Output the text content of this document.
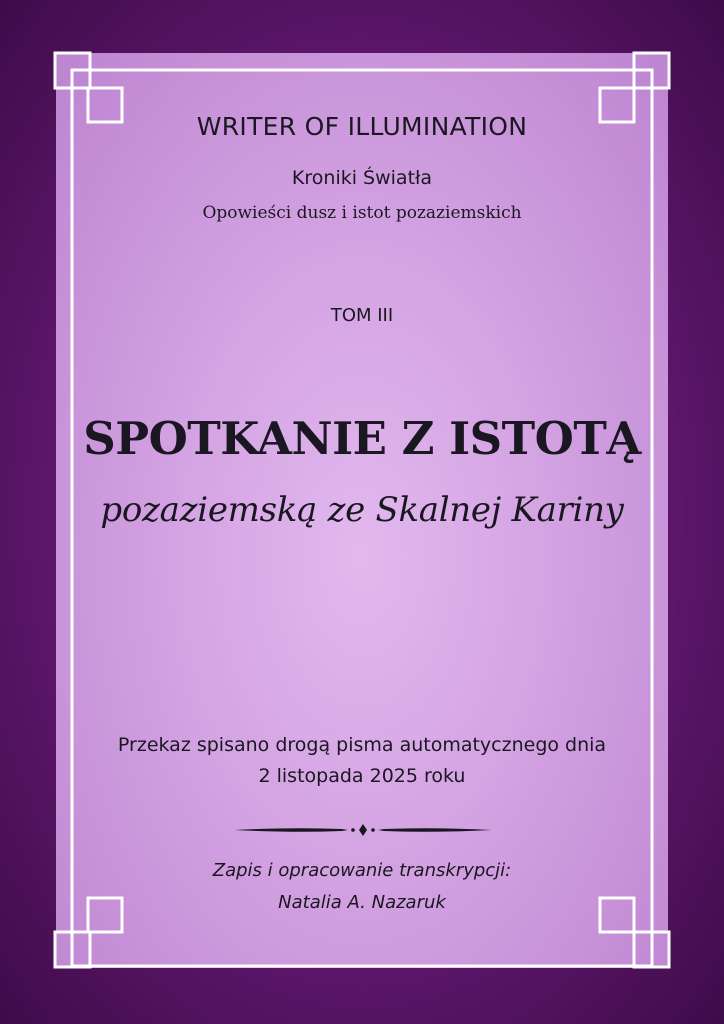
WRITER OF ILLUMINATION
Kroniki Światła
Opowieści dusz i istot pozaziemskich
TOM III
SPOTKANIE Z ISTOTĄ
pozaziemską ze Skalnej Kariny
Przekaz spisano drogą pisma automatycznego dnia
2 listopada 2025 roku
Zapis i opracowanie transkrypcji:
Natalia A. Nazaruk
